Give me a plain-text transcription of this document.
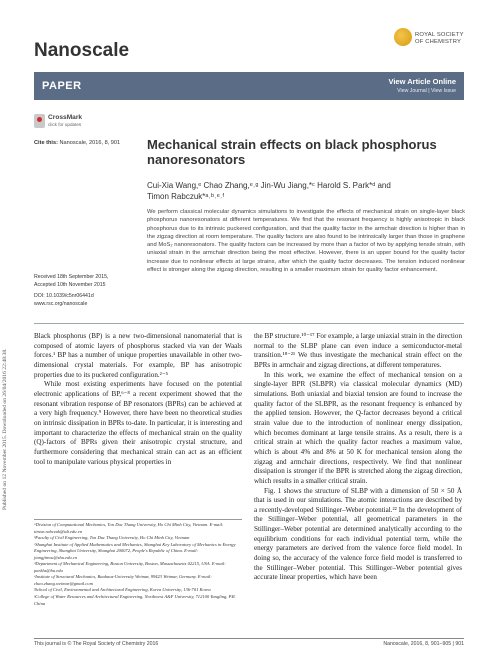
Published on 12 November 2015. Downloaded on 26/04/2016 22:48:38.
Nanoscale
ROYAL SOCIETY
OF CHEMISTRY
PAPER	View Article Online
View Journal | View Issue
CrossMark
click for updates
Cite this: Nanoscale, 2016, 8, 901 Mechanical strain effects on black phosphorus nanoresonators
Cui-Xia Wang,ᵉ Chao Zhang,ᵉ˒ᵍ Jin-Wu Jiang,*ᶜ Harold S. Park*ᵈ and
Timon Rabczuk*ᵃ˒ᵇ˒ᵉ˒ᶠ
We perform classical molecular dynamics simulations to investigate the effects of mechanical strain on single-layer black phosphorus nanoresonators at different temperatures. We find that the resonant frequency is highly anisotropic in black phosphorus due to its intrinsic puckered configuration, and that the quality factor in the armchair direction is higher than in the zigzag direction at room temperature. The quality factors are also found to be intrinsically larger than those in graphene and MoS₂ nanoresonators. The quality factors can be increased by more than a factor of two by applying tensile strain, with uniaxial strain in the armchair direction being the most effective. However, there is an upper bound for the quality factor increase due to nonlinear effects at large strains, after which the quality factor decreases. The tension induced nonlinear effect is stronger along the zigzag direction, resulting in a smaller maximum strain for quality factor enhancement.

Received 18th September 2015,

Accepted 10th November 2015

DOI: 10.1039/c5nr06441d

www.rsc.org/nanoscale

Black phosphorus (BP) is a new two-dimensional nanomaterial that is composed of atomic layers of phosphorus stacked via van der Waals forces.¹ BP has a number of unique properties unavailable in other two-dimensional crystal materials. For example, BP has anisotropic properties due to its puckered configuration.²⁻⁵

While most existing experiments have focused on the potential electronic applications of BP,⁶⁻⁸ a recent experiment showed that the resonant vibration response of BP resonators (BPRs) can be achieved at a very high frequency.⁹ However, there have been no theoretical studies on intrinsic dissipation in BPRs to-date. In particular, it is interesting and important to characterize the effects of mechanical strain on the quality (Q)-factors of BPRs given their anisotropic crystal structure, and furthermore considering that mechanical strain can act as an efficient tool to manipulate various physical properties in

the BP structure.¹⁰⁻¹⁷ For example, a large uniaxial strain in the direction normal to the SLBP plane can even induce a semiconductor-metal transition.¹⁸⁻²¹ We thus investigate the mechanical strain effect on the BPRs in armchair and zigzag directions, at different temperatures.

In this work, we examine the effect of mechanical tension on a single-layer BPR (SLBPR) via classical molecular dynamics (MD) simulations. Both uniaxial and biaxial tension are found to increase the quality factor of the SLBPR, as the resonant frequency is enhanced by the applied tension. However, the Q-factor decreases beyond a critical strain value due to the introduction of nonlinear energy dissipation, which becomes dominant at large tensile strains. As a result, there is a critical strain at which the quality factor reaches a maximum value, which is about 4% and 8% at 50 K for mechanical tension along the zigzag and armchair directions, respectively. We find that nonlinear dissipation is stronger if the BPR is stretched along the zigzag direction, which results in a smaller critical strain.

Fig. 1 shows the structure of SLBP with a dimension of 50 × 50 Å that is used in our simulations. The atomic interactions are described by a recently-developed Stillinger–Weber potential.²² In the development of the Stillinger–Weber potential, all geometrical parameters in the Stillinger–Weber potential are determined analytically according to the equilibrium conditions for each individual potential term, while the energy parameters are derived from the valence force field model. In doing so, the accuracy of the valence force field model is transferred to the Stillinger–Weber potential. This Stillinger–Weber potential gives accurate linear properties, which have been

ᵃDivision of Computational Mechanics, Ton Duc Thang University, Ho Chi Minh City, Vietnam. E-mail: timon.rabczuk@tdt.edu.vn

ᵇFaculty of Civil Engineering, Ton Duc Thang University, Ho Chi Minh City, Vietnam

ᶜShanghai Institute of Applied Mathematics and Mechanics, Shanghai Key Laboratory of Mechanics in Energy Engineering, Shanghai University, Shanghai 200072, People's Republic of China. E-mail: jiangjinwu@shu.edu.cn

ᵈDepartment of Mechanical Engineering, Boston University, Boston, Massachusetts 02215, USA. E-mail: parkhs@bu.edu

ᵉInstitute of Structural Mechanics, Bauhaus-University Weimar, 99423 Weimar, Germany. E-mail: chao.zhang.weimar@gmail.com

ᶠSchool of Civil, Environmental and Architectural Engineering, Korea University, 136-701 Korea

ᵍCollege of Water Resources and Architectural Engineering, Northwest A&F University, 712100 Yangling, P.R. China

This journal is © The Royal Society of Chemistry 2016	Nanoscale, 2016, 8, 901–905 | 901
